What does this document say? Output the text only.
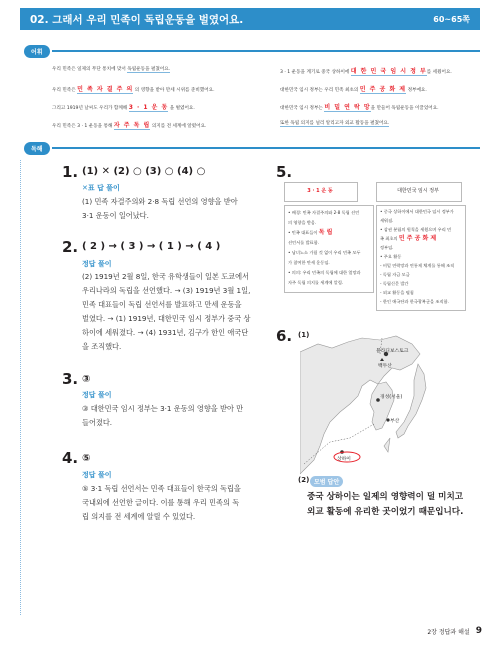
02. 그래서 우리 민족이 독립운동을 벌였어요.	60~65쪽
어휘
우리 민족은 일제의 무단 통치에 맞서 독립운동을 펼쳤어요.
우리 민족은 민 족 자 결 주 의 의 영향을 받아 만세 시위를 준비했어요.
그리고 1919년 날씨도 우리가 함께해 3 · 1 운 동 을 벌였어요.
우리 민족은 3 · 1 운동을 통해 자 주 독 립 의지를 전 세계에 알렸어요.
3 · 1 운동을 계기로 중국 상하이에 대 한 민 국 임 시 정 부를 세웠어요.
대한민국 임시 정부는 우리 민족 최초의 민 주 공 화 제 정부예요.
대한민국 임시 정부는 비 밀 연 락 망을 만들어 독립운동을 이끌었어요.
또한 독립 의지를 널리 알리고자 외교 활동을 펼쳤어요.
독해
1. (1) ✕ (2) ○ (3) ○ (4) ○
✕표 답 풀이
(1) 민족 자결주의와 2·8 독립 선언의 영향을 받아
3·1 운동이 일어났다.
2. ( 2 ) → ( 3 ) → ( 1 ) → ( 4 )
정답 풀이
(2) 1919년 2월 8일, 한국 유학생들이 일본 도쿄에서
우리나라의 독립을 선언했다. → (3) 1919년 3월 1일,
민족 대표들이 독립 선언서를 발표하고 만세 운동을
벌였다. → (1) 1919년, 대한민국 임시 정부가 중국 상
하이에 세워졌다. → (4) 1931년, 김구가 한인 애국단
을 조직했다.
3. ③
정답 풀이
③ 대한민국 임시 정부는 3·1 운동의 영향을 받아 만
들어졌다.
4. ⑤
정답 풀이
⑤ 3·1 독립 선언서는 민족 대표들이 한국의 독립을
국내외에 선언한 글이다. 이를 통해 우리 민족의 독
립 의지를 전 세계에 알릴 수 있었다.
5.
3 · 1 운 동	대한민국 임시 정부
• 배경: 민족 자결주의와 2·8 독립 선언
의 영향을 받음.
• 민족 대표들이 독 립
선언서를 발표함.
• 남녀노소 가릴 것 없이 우리 민족 모두
가 참여한 만세 운동임.
• 의의: 우리 민족의 독립에 대한 열망과
자주 독립 의지를 세계에 알림.
• 중국 상하이에서 대한민국 임시 정부가
세워짐.
• 삼권 분립의 원칙을 세웠으며 우리 민
족 최초의 민 주 공 화 제
정부임.
• 주요 활동
- 비밀 연락망과 연통제 체계를 통해 조직
- 독립 자금 모금
- 독립신문 발간
- 외교 활동을 펼침
- 한인 애국단과 한국광복군을 조직함.
6. (1)
블라디보스토크
백두산
경성(서울)
부산
상하이
(2) 모범 답안
중국 상하이는 일제의 영향력이 덜 미치고
외교 활동에 유리한 곳이었기 때문입니다.
2장 정답과 해설 9
